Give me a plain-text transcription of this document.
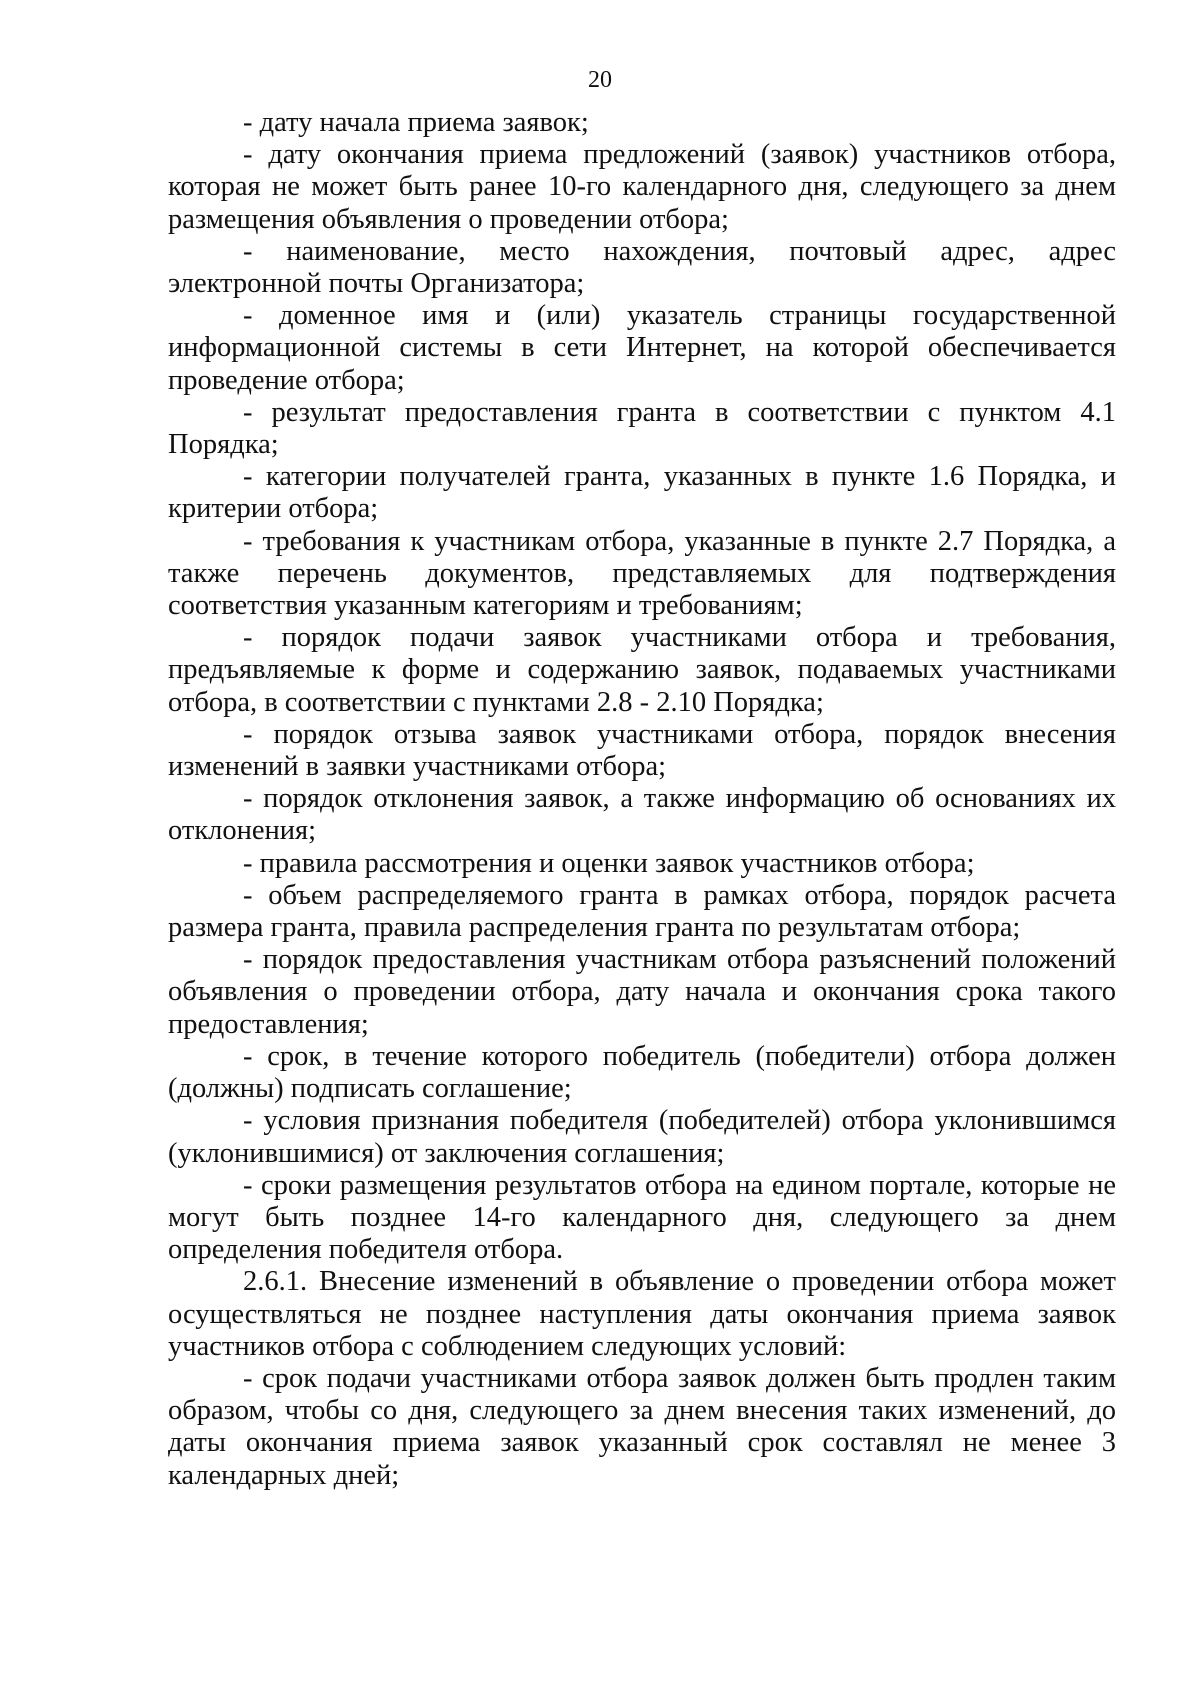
20

- дату начала приема заявок;

- дату окончания приема предложений (заявок) участников отбора, которая не может быть ранее 10-го календарного дня, следующего за днем размещения объявления о проведении отбора;

- наименование, место нахождения, почтовый адрес, адрес электронной почты Организатора;

- доменное имя и (или) указатель страницы государственной информационной системы в сети Интернет, на которой обеспечивается проведение отбора;

- результат предоставления гранта в соответствии с пунктом 4.1 Порядка;

- категории получателей гранта, указанных в пункте 1.6 Порядка, и критерии отбора;

- требования к участникам отбора, указанные в пункте 2.7 Порядка, а также перечень документов, представляемых для подтверждения соответствия указанным категориям и требованиям;

- порядок подачи заявок участниками отбора и требования, предъявляемые к форме и содержанию заявок, подаваемых участниками отбора, в соответствии с пунктами 2.8 - 2.10 Порядка;

- порядок отзыва заявок участниками отбора, порядок внесения изменений в заявки участниками отбора;

- порядок отклонения заявок, а также информацию об основаниях их отклонения;

- правила рассмотрения и оценки заявок участников отбора;

- объем распределяемого гранта в рамках отбора, порядок расчета размера гранта, правила распределения гранта по результатам отбора;

- порядок предоставления участникам отбора разъяснений положений объявления о проведении отбора, дату начала и окончания срока такого предоставления;

- срок, в течение которого победитель (победители) отбора должен (должны) подписать соглашение;

- условия признания победителя (победителей) отбора уклонившимся (уклонившимися) от заключения соглашения;

- сроки размещения результатов отбора на едином портале, которые не могут быть позднее 14-го календарного дня, следующего за днем определения победителя отбора.

2.6.1. Внесение изменений в объявление о проведении отбора может осуществляться не позднее наступления даты окончания приема заявок участников отбора с соблюдением следующих условий:

- срок подачи участниками отбора заявок должен быть продлен таким образом, чтобы со дня, следующего за днем внесения таких изменений, до даты окончания приема заявок указанный срок составлял не менее 3 календарных дней;
